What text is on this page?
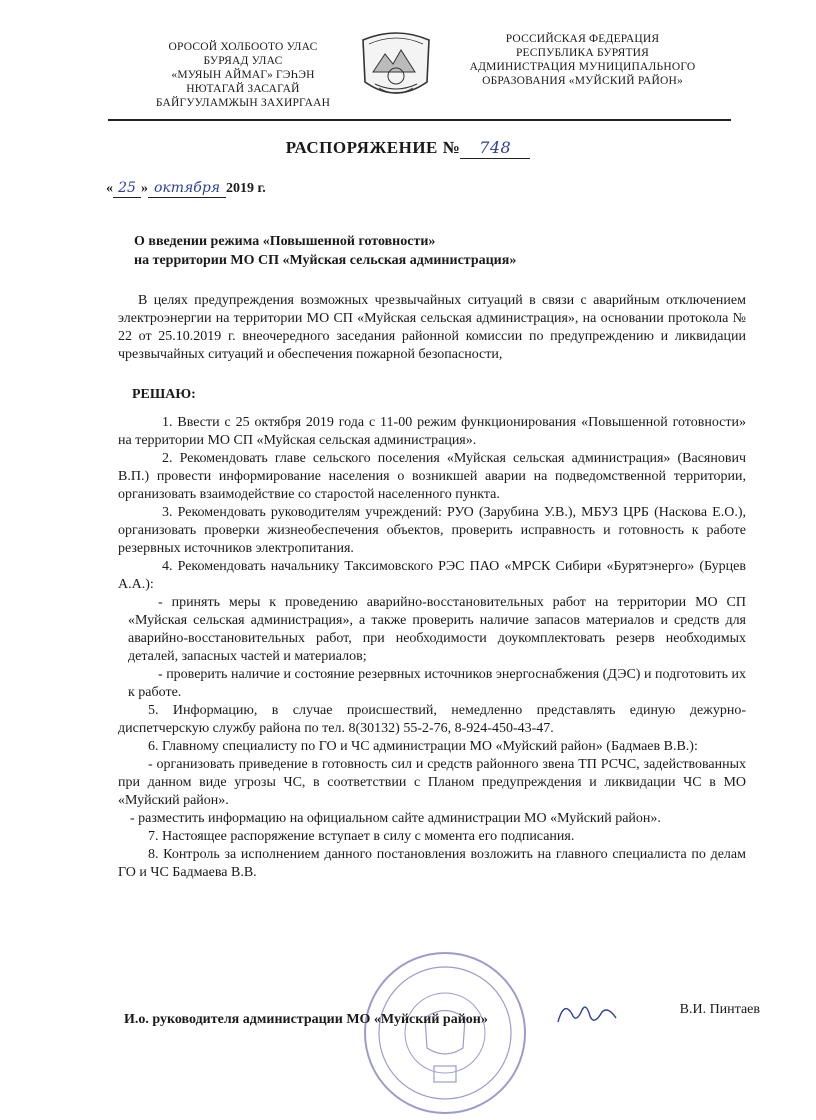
ОРОСОЙ ХОЛБООТО УЛАС
БУРЯАД УЛАС
«МУЯЫН АЙМАГ» ГЭҺЭН
НЮТАГАЙ ЗАСАГАЙ
БАЙГУУЛАМЖЫН ЗАХИРГААН
РОССИЙСКАЯ ФЕДЕРАЦИЯ
РЕСПУБЛИКА БУРЯТИЯ
АДМИНИСТРАЦИЯ МУНИЦИПАЛЬНОГО
ОБРАЗОВАНИЯ «МУЙСКИЙ РАЙОН»
РАСПОРЯЖЕНИЕ № 748
« 25 » октября 2019 г.
О введении режима «Повышенной готовности»
на территории МО СП «Муйская сельская администрация»

В целях предупреждения возможных чрезвычайных ситуаций в связи с аварийным отключением электроэнергии на территории МО СП «Муйская сельская администрация», на основании протокола № 22 от 25.10.2019 г. внеочередного заседания районной комиссии по предупреждению и ликвидации чрезвычайных ситуаций и обеспечения пожарной безопасности,

РЕШАЮ:

1. Ввести с 25 октября 2019 года с 11-00 режим функционирования «Повышенной готовности» на территории МО СП «Муйская сельская администрация».

2. Рекомендовать главе сельского поселения «Муйская сельская администрация» (Васянович В.П.) провести информирование населения о возникшей аварии на подведомственной территории, организовать взаимодействие со старостой населенного пункта.

3. Рекомендовать руководителям учреждений: РУО (Зарубина У.В.), МБУЗ ЦРБ (Наскова Е.О.), организовать проверки жизнеобеспечения объектов, проверить исправность и готовность к работе резервных источников электропитания.

4. Рекомендовать начальнику Таксимовского РЭС ПАО «МРСК Сибири «Бурятэнерго» (Бурцев А.А.):

- принять меры к проведению аварийно-восстановительных работ на территории МО СП «Муйская сельская администрация», а также проверить наличие запасов материалов и средств для аварийно-восстановительных работ, при необходимости доукомплектовать резерв необходимых деталей, запасных частей и материалов;

- проверить наличие и состояние резервных источников энергоснабжения (ДЭС) и подготовить их к работе.

5. Информацию, в случае происшествий, немедленно представлять единую дежурно-диспетчерскую службу района по тел. 8(30132) 55-2-76, 8-924-450-43-47.

6. Главному специалисту по ГО и ЧС администрации МО «Муйский район» (Бадмаев В.В.):

- организовать приведение в готовность сил и средств районного звена ТП РСЧС, задействованных при данном виде угрозы ЧС, в соответствии с Планом предупреждения и ликвидации ЧС в МО «Муйский район».

- разместить информацию на официальном сайте администрации МО «Муйский район».

7. Настоящее распоряжение вступает в силу с момента его подписания.

8. Контроль за исполнением данного постановления возложить на главного специалиста по делам ГО и ЧС Бадмаева В.В.

И.о. руководителя администрации МО «Муйский район»
В.И. Пинтаев
